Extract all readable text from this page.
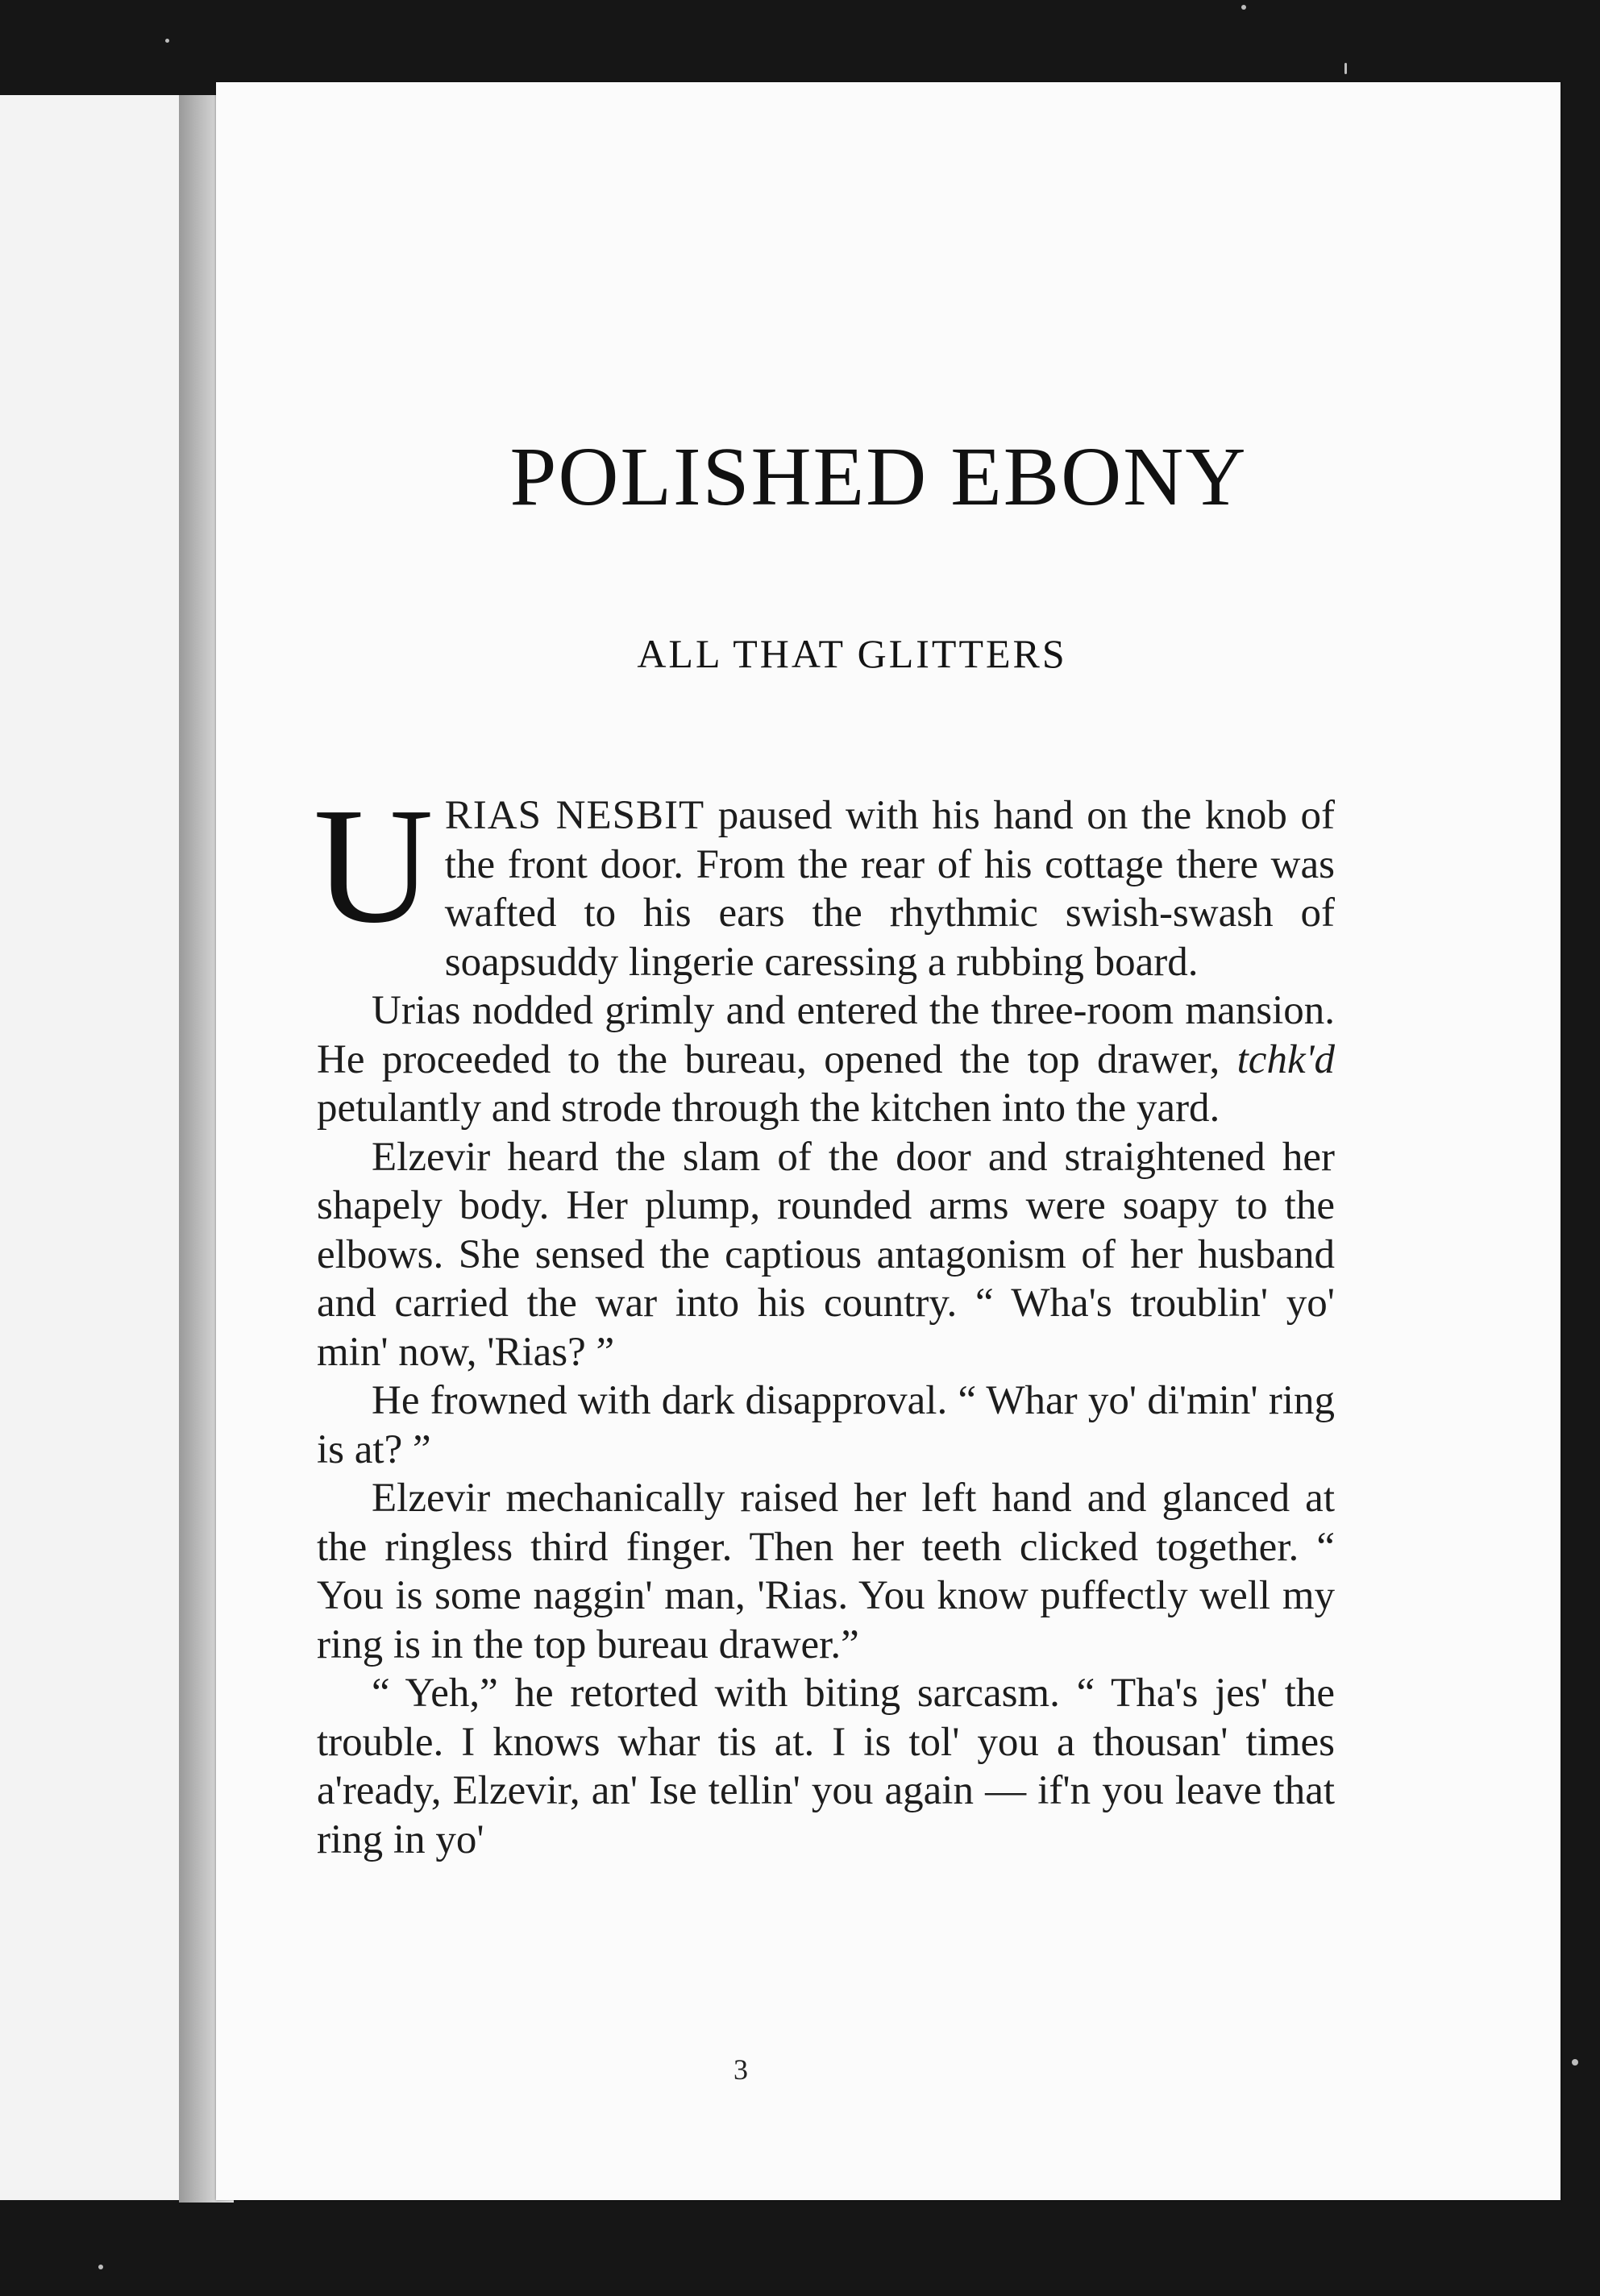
POLISHED EBONY
ALL THAT GLITTERS

URIAS NESBIT paused with his hand on the knob of the front door. From the rear of his cottage there was wafted to his ears the rhythmic swish-swash of soapsuddy lingerie caressing a rubbing board.

Urias nodded grimly and entered the three-room mansion. He proceeded to the bureau, opened the top drawer, tchk'd petulantly and strode through the kitchen into the yard.

Elzevir heard the slam of the door and straightened her shapely body. Her plump, rounded arms were soapy to the elbows. She sensed the captious antagonism of her husband and carried the war into his country. “ Wha's troublin' yo' min' now, 'Rias? ”

He frowned with dark disapproval. “ Whar yo' di'min' ring is at? ”

Elzevir mechanically raised her left hand and glanced at the ringless third finger. Then her teeth clicked together. “ You is some naggin' man, 'Rias. You know puffectly well my ring is in the top bureau drawer.”

“ Yeh,” he retorted with biting sarcasm. “ Tha's jes' the trouble. I knows whar tis at. I is tol' you a thousan' times a'ready, Elzevir, an' Ise tellin' you again — if'n you leave that ring in yo'

3
